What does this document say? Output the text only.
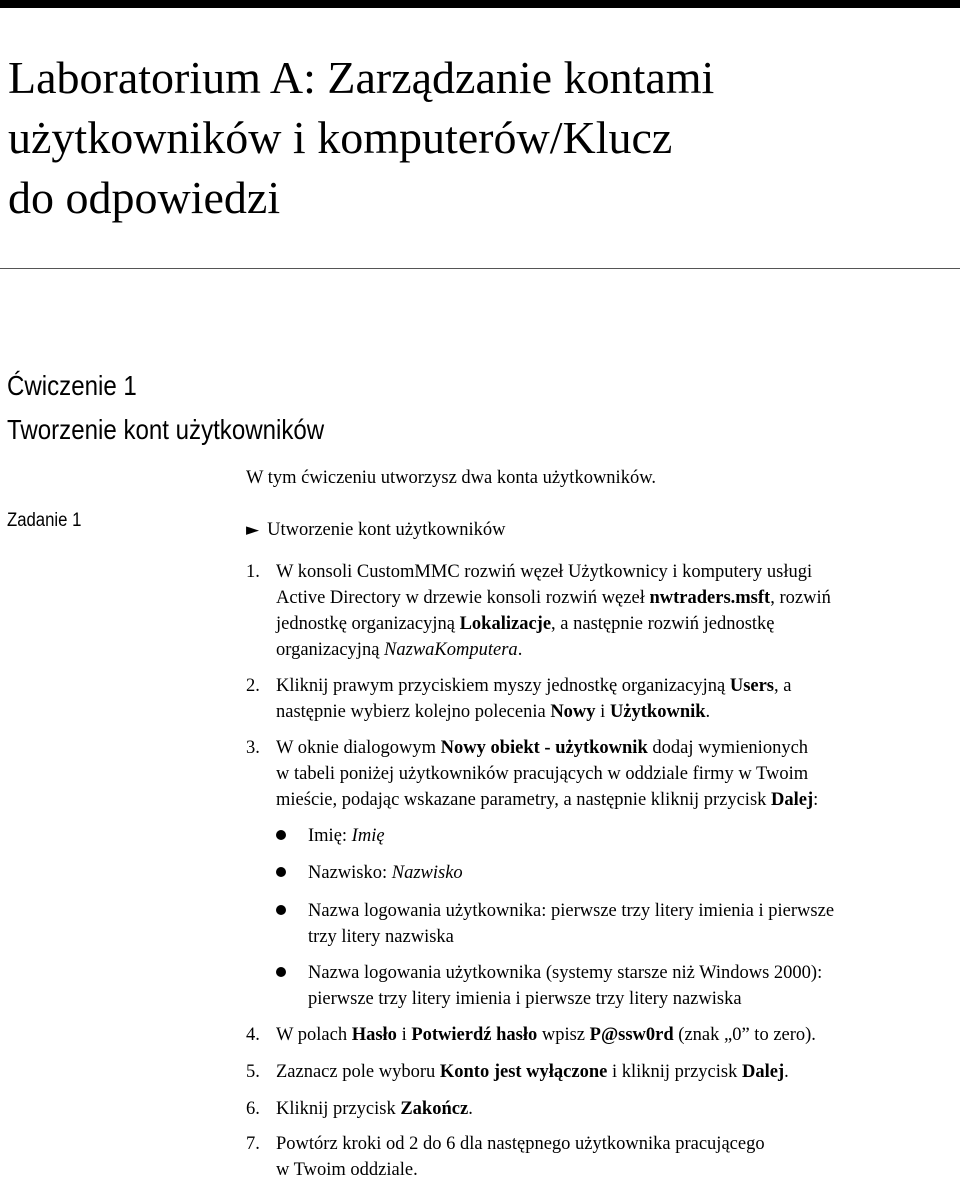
Laboratorium A: Zarządzanie kontami
użytkowników i komputerów/Klucz
do odpowiedzi
Ćwiczenie 1
Tworzenie kont użytkowników
Zadanie 1
W tym ćwiczeniu utworzysz dwa konta użytkowników.
► Utworzenie kont użytkowników
1. W konsoli CustomMMC rozwiń węzeł Użytkownicy i komputery usługi
Active Directory w drzewie konsoli rozwiń węzeł nwtraders.msft, rozwiń
jednostkę organizacyjną Lokalizacje, a następnie rozwiń jednostkę
organizacyjną NazwaKomputera.
2. Kliknij prawym przyciskiem myszy jednostkę organizacyjną Users, a
następnie wybierz kolejno polecenia Nowy i Użytkownik.
3. W oknie dialogowym Nowy obiekt - użytkownik dodaj wymienionych
w tabeli poniżej użytkowników pracujących w oddziale firmy w Twoim
mieście, podając wskazane parametry, a następnie kliknij przycisk Dalej:
Imię: Imię
Nazwisko: Nazwisko
Nazwa logowania użytkownika: pierwsze trzy litery imienia i pierwsze
trzy litery nazwiska
Nazwa logowania użytkownika (systemy starsze niż Windows 2000):
pierwsze trzy litery imienia i pierwsze trzy litery nazwiska
4. W polach Hasło i Potwierdź hasło wpisz P@ssw0rd (znak „0” to zero).
5. Zaznacz pole wyboru Konto jest wyłączone i kliknij przycisk Dalej.
6. Kliknij przycisk Zakończ.
7. Powtórz kroki od 2 do 6 dla następnego użytkownika pracującego
w Twoim oddziale.
